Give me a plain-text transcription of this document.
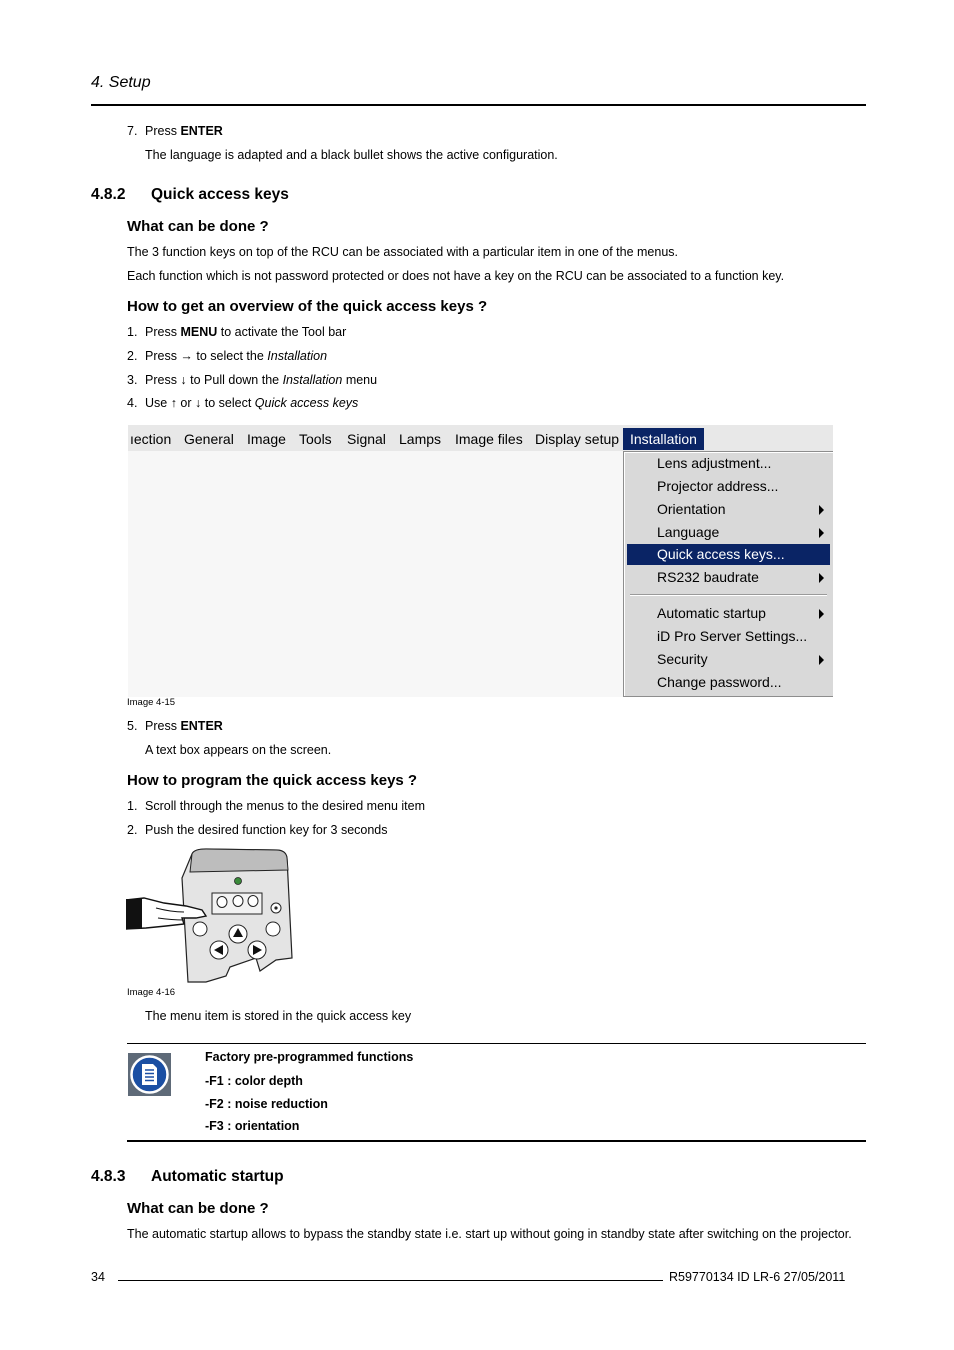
4. Setup
7. Press ENTER
The language is adapted and a black bullet shows the active configuration.
4.8.2 Quick access keys
What can be done ?
The 3 function keys on top of the RCU can be associated with a particular item in one of the menus.
Each function which is not password protected or does not have a key on the RCU can be associated to a function key.
How to get an overview of the quick access keys ?
1. Press MENU to activate the Tool bar
2. Press → to select the Installation
3. Press ↓ to Pull down the Installation menu
4. Use ↑ or ↓ to select Quick access keys
ıection General Image Tools Signal Lamps Image files Display setup Installation
Lens adjustment...
Projector address...
Orientation
Language
Quick access keys...
RS232 baudrate
Automatic startup
iD Pro Server Settings...
Security
Change password...
Image 4-15
5. Press ENTER
A text box appears on the screen.
How to program the quick access keys ?
1. Scroll through the menus to the desired menu item
2. Push the desired function key for 3 seconds
Image 4-16
The menu item is stored in the quick access key
Factory pre-programmed functions
-F1 : color depth
-F2 : noise reduction
-F3 : orientation
4.8.3 Automatic startup
What can be done ?
The automatic startup allows to bypass the standby state i.e. start up without going in standby state after switching on the projector.
34	R59770134 ID LR-6 27/05/2011
